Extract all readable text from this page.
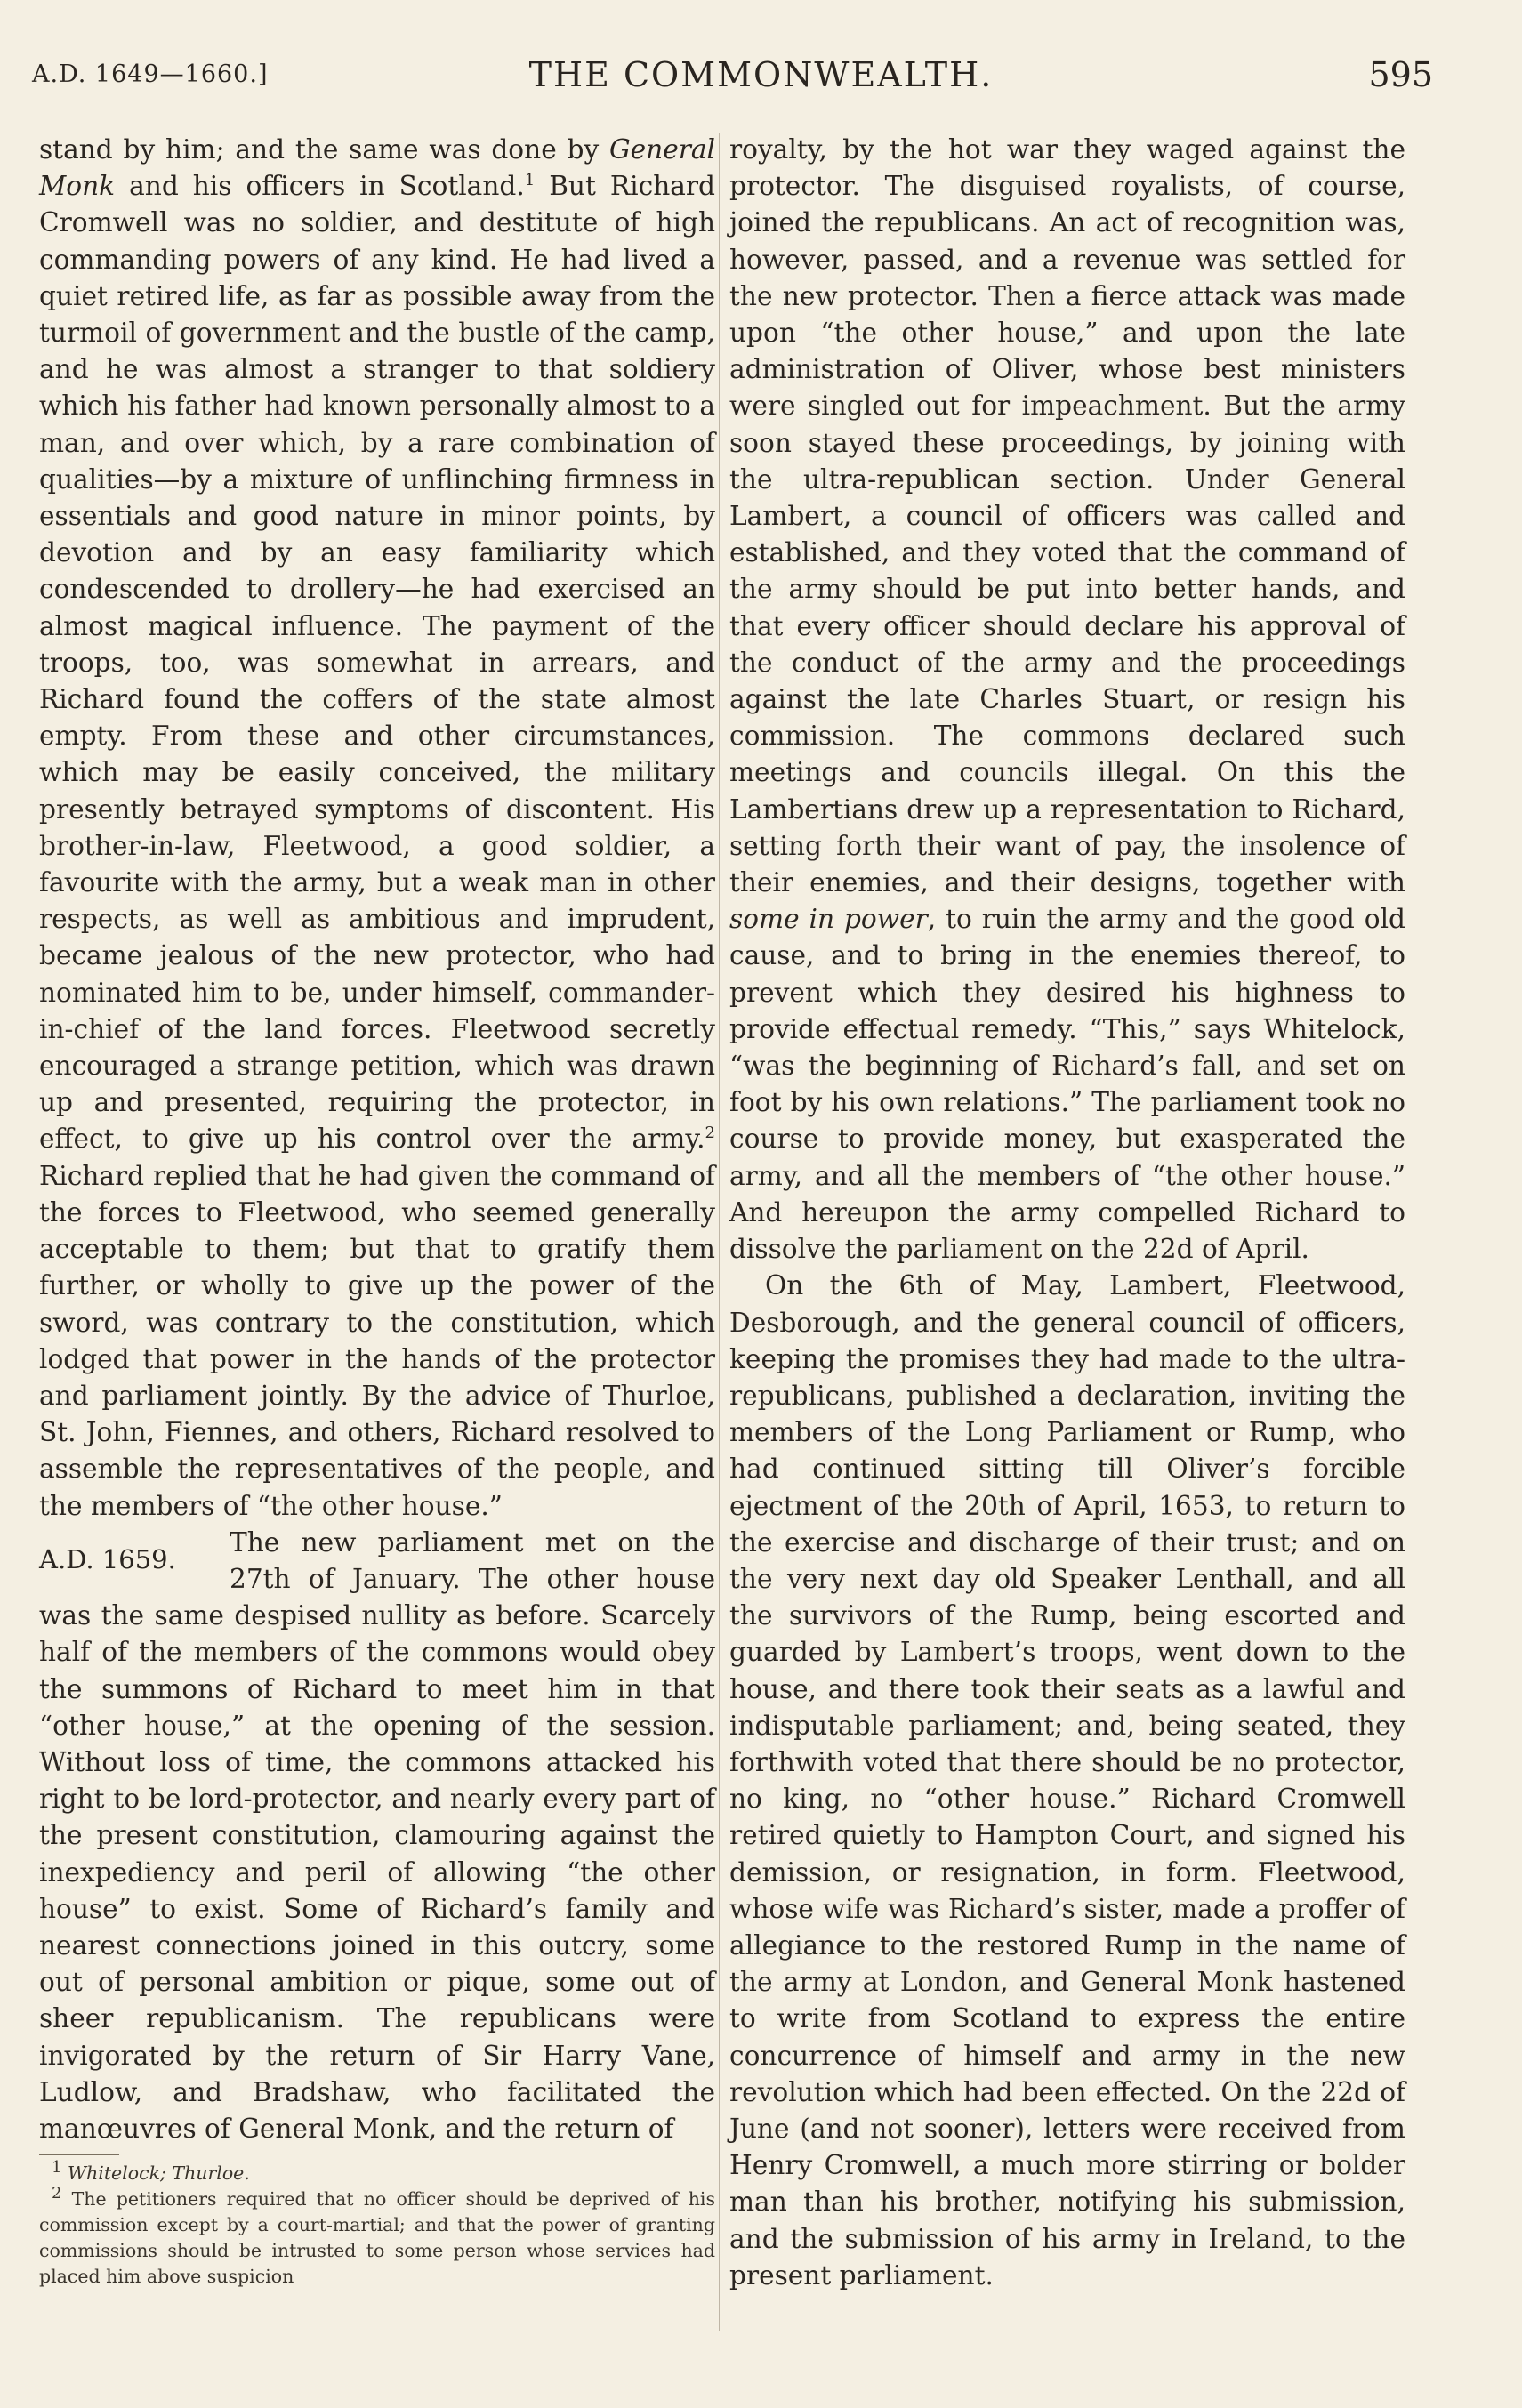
A.D. 1649—1660.]	THE COMMONWEALTH.	595

stand by him; and the same was done by General Monk and his officers in Scotland.$^1$ But Richard Cromwell was no soldier, and destitute of high commanding powers of any kind. He had lived a quiet retired life, as far as possible away from the turmoil of government and the bustle of the camp, and he was almost a stranger to that soldiery which his father had known personally almost to a man, and over which, by a rare combination of qualities—by a mixture of unflinching firmness in essentials and good nature in minor points, by devotion and by an easy familiarity which condescended to drollery—he had exercised an almost magical influence. The payment of the troops, too, was somewhat in arrears, and Richard found the coffers of the state almost empty. From these and other circumstances, which may be easily conceived, the military presently betrayed symptoms of discontent. His brother-in-law, Fleetwood, a good soldier, a favourite with the army, but a weak man in other respects, as well as ambitious and imprudent, became jealous of the new protector, who had nominated him to be, under himself, commander-in-chief of the land forces. Fleetwood secretly encouraged a strange petition, which was drawn up and presented, requiring the protector, in effect, to give up his control over the army.$^2$ Richard replied that he had given the command of the forces to Fleetwood, who seemed generally acceptable to them; but that to gratify them further, or wholly to give up the power of the sword, was contrary to the constitution, which lodged that power in the hands of the protector and parliament jointly. By the advice of Thurloe, St. John, Fiennes, and others, Richard resolved to assemble the representatives of the people, and the members of “the other house.”

A.D. 1659.
The new parliament met on the 27th of January. The other house was the same despised nullity as before. Scarcely half of the members of the commons would obey the summons of Richard to meet him in that “other house,” at the opening of the session. Without loss of time, the commons attacked his right to be lord-protector, and nearly every part of the present constitution, clamouring against the inexpediency and peril of allowing “the other house” to exist. Some of Richard’s family and nearest connections joined in this outcry, some out of personal ambition or pique, some out of sheer republicanism. The republicans were invigorated by the return of Sir Harry Vane, Ludlow, and Bradshaw, who facilitated the manœuvres of General Monk, and the return of

$^1$ Whitelock; Thurloe.

$^2$ The petitioners required that no officer should be deprived of his commission except by a court-martial; and that the power of granting commissions should be intrusted to some person whose services had placed him above suspicion

royalty, by the hot war they waged against the protector. The disguised royalists, of course, joined the republicans. An act of recognition was, however, passed, and a revenue was settled for the new protector. Then a fierce attack was made upon “the other house,” and upon the late administration of Oliver, whose best ministers were singled out for impeachment. But the army soon stayed these proceedings, by joining with the ultra-republican section. Under General Lambert, a council of officers was called and established, and they voted that the command of the army should be put into better hands, and that every officer should declare his approval of the conduct of the army and the proceedings against the late Charles Stuart, or resign his commission. The commons declared such meetings and councils illegal. On this the Lambertians drew up a representation to Richard, setting forth their want of pay, the insolence of their enemies, and their designs, together with some in power, to ruin the army and the good old cause, and to bring in the enemies thereof, to prevent which they desired his highness to provide effectual remedy. “This,” says Whitelock, “was the beginning of Richard’s fall, and set on foot by his own relations.” The parliament took no course to provide money, but exasperated the army, and all the members of “the other house.” And hereupon the army compelled Richard to dissolve the parliament on the 22d of April.

On the 6th of May, Lambert, Fleetwood, Desborough, and the general council of officers, keeping the promises they had made to the ultra-republicans, published a declaration, inviting the members of the Long Parliament or Rump, who had continued sitting till Oliver’s forcible ejectment of the 20th of April, 1653, to return to the exercise and discharge of their trust; and on the very next day old Speaker Lenthall, and all the survivors of the Rump, being escorted and guarded by Lambert’s troops, went down to the house, and there took their seats as a lawful and indisputable parliament; and, being seated, they forthwith voted that there should be no protector, no king, no “other house.” Richard Cromwell retired quietly to Hampton Court, and signed his demission, or resignation, in form. Fleetwood, whose wife was Richard’s sister, made a proffer of allegiance to the restored Rump in the name of the army at London, and General Monk hastened to write from Scotland to express the entire concurrence of himself and army in the new revolution which had been effected. On the 22d of June (and not sooner), letters were received from Henry Cromwell, a much more stirring or bolder man than his brother, notifying his submission, and the submission of his army in Ireland, to the present parliament.
